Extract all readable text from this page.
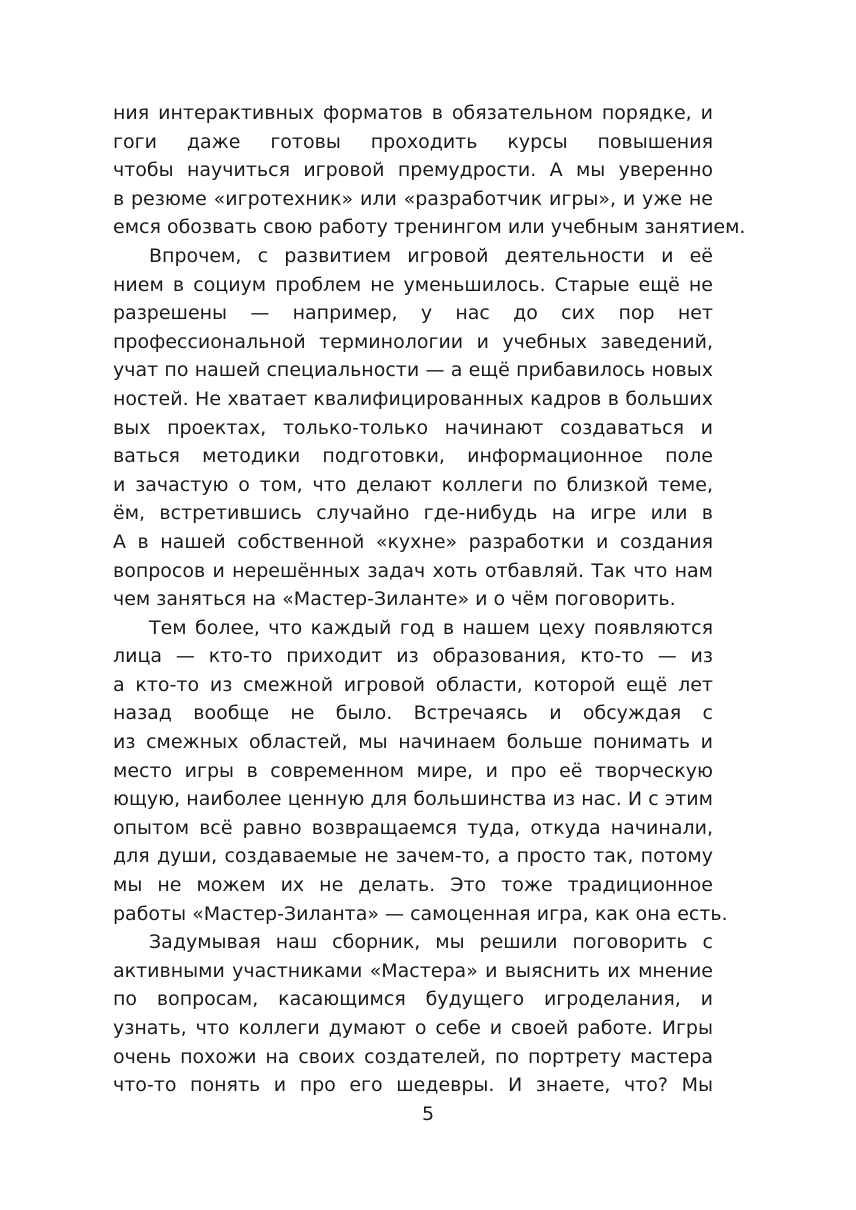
ния интерактивных форматов в обязательном порядке, и
гоги даже готовы проходить курсы повышения
чтобы научиться игровой премудрости. А мы уверенно
в резюме «игротехник» или «разработчик игры», и уже не
емся обозвать свою работу тренингом или учебным занятием.
Впрочем, с развитием игровой деятельности и её
нием в социум проблем не уменьшилось. Старые ещё не
разрешены — например, у нас до сих пор нет
профессиональной терминологии и учебных заведений,
учат по нашей специальности — а ещё прибавилось новых
ностей. Не хватает квалифицированных кадров в больших
вых проектах, только-только начинают создаваться и
ваться методики подготовки, информационное поле
и зачастую о том, что делают коллеги по близкой теме,
ём, встретившись случайно где-нибудь на игре или в
А в нашей собственной «кухне» разработки и создания
вопросов и нерешённых задач хоть отбавляй. Так что нам
чем заняться на «Мастер-Зиланте» и о чём поговорить.
Тем более, что каждый год в нашем цеху появляются
лица — кто-то приходит из образования, кто-то — из
а кто-то из смежной игровой области, которой ещё лет
назад вообще не было. Встречаясь и обсуждая с
из смежных областей, мы начинаем больше понимать и
место игры в современном мире, и про её творческую
ющую, наиболее ценную для большинства из нас. И с этим
опытом всё равно возвращаемся туда, откуда начинали,
для души, создаваемые не зачем-то, а просто так, потому
мы не можем их не делать. Это тоже традиционное
работы «Мастер-Зиланта» — самоценная игра, как она есть.
Задумывая наш сборник, мы решили поговорить с
активными участниками «Мастера» и выяснить их мнение
по вопросам, касающимся будущего игроделания, и
узнать, что коллеги думают о себе и своей работе. Игры
очень похожи на своих создателей, по портрету мастера
что-то понять и про его шедевры. И знаете, что? Мы
5
